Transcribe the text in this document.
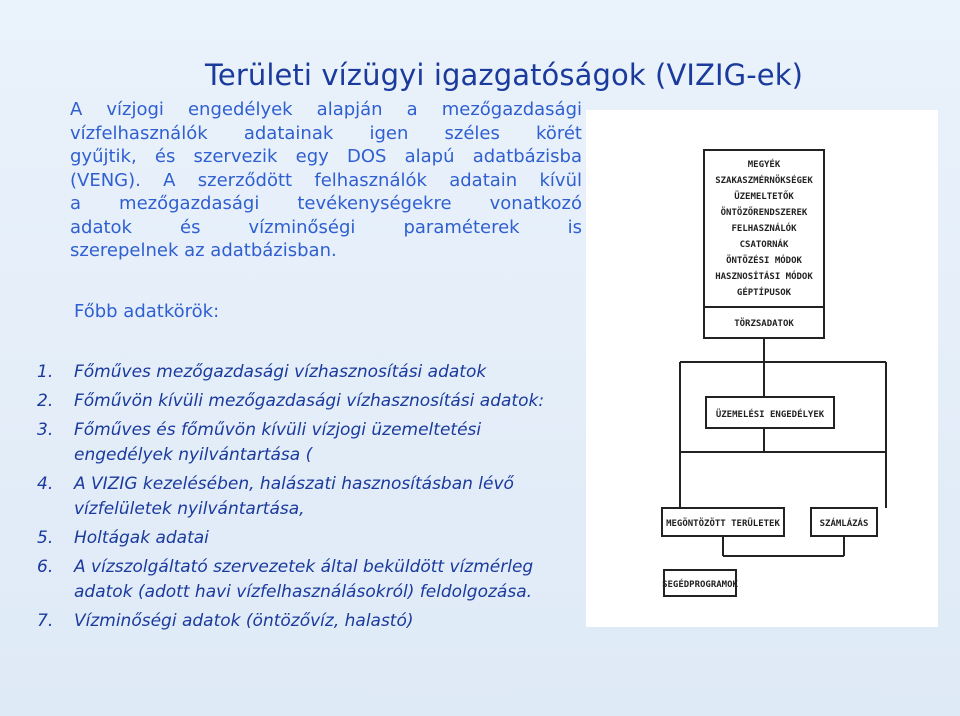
Területi vízügyi igazgatóságok (VIZIG-ek)
A vízjogi engedélyek alapján a mezőgazdasági
vízfelhasználók adatainak igen széles körét
gyűjtik, és szervezik egy DOS alapú adatbázisba
(VENG). A szerződött felhasználók adatain kívül
a mezőgazdasági tevékenységekre vonatkozó
adatok és vízminőségi paraméterek is
szerepelnek az adatbázisban.
Főbb adatkörök:
1. Főműves mezőgazdasági vízhasznosítási adatok
2. Főművön kívüli mezőgazdasági vízhasznosítási adatok:
3. Főműves és főművön kívüli vízjogi üzemeltetési
engedélyek nyilvántartása (
4. A VIZIG kezelésében, halászati hasznosításban lévő
vízfelületek nyilvántartása,
5. Holtágak adatai
6. A vízszolgáltató szervezetek által beküldött vízmérleg
adatok (adott havi vízfelhasználásokról) feldolgozása.
7. Vízminőségi adatok (öntözővíz, halastó)
MEGYÉK
SZAKASZMÉRNÖKSÉGEK
ÜZEMELTETŐK
ÖNTÖZŐRENDSZEREK
FELHASZNÁLÓK
CSATORNÁK
ÖNTÖZÉSI MÓDOK
HASZNOSÍTÁSI MÓDOK
GÉPTÍPUSOK
TÖRZSADATOK
ÜZEMELÉSI ENGEDÉLYEK
MEGÖNTÖZÖTT TERÜLETEK	SZÁMLÁZÁS
SEGÉDPROGRAMOK
